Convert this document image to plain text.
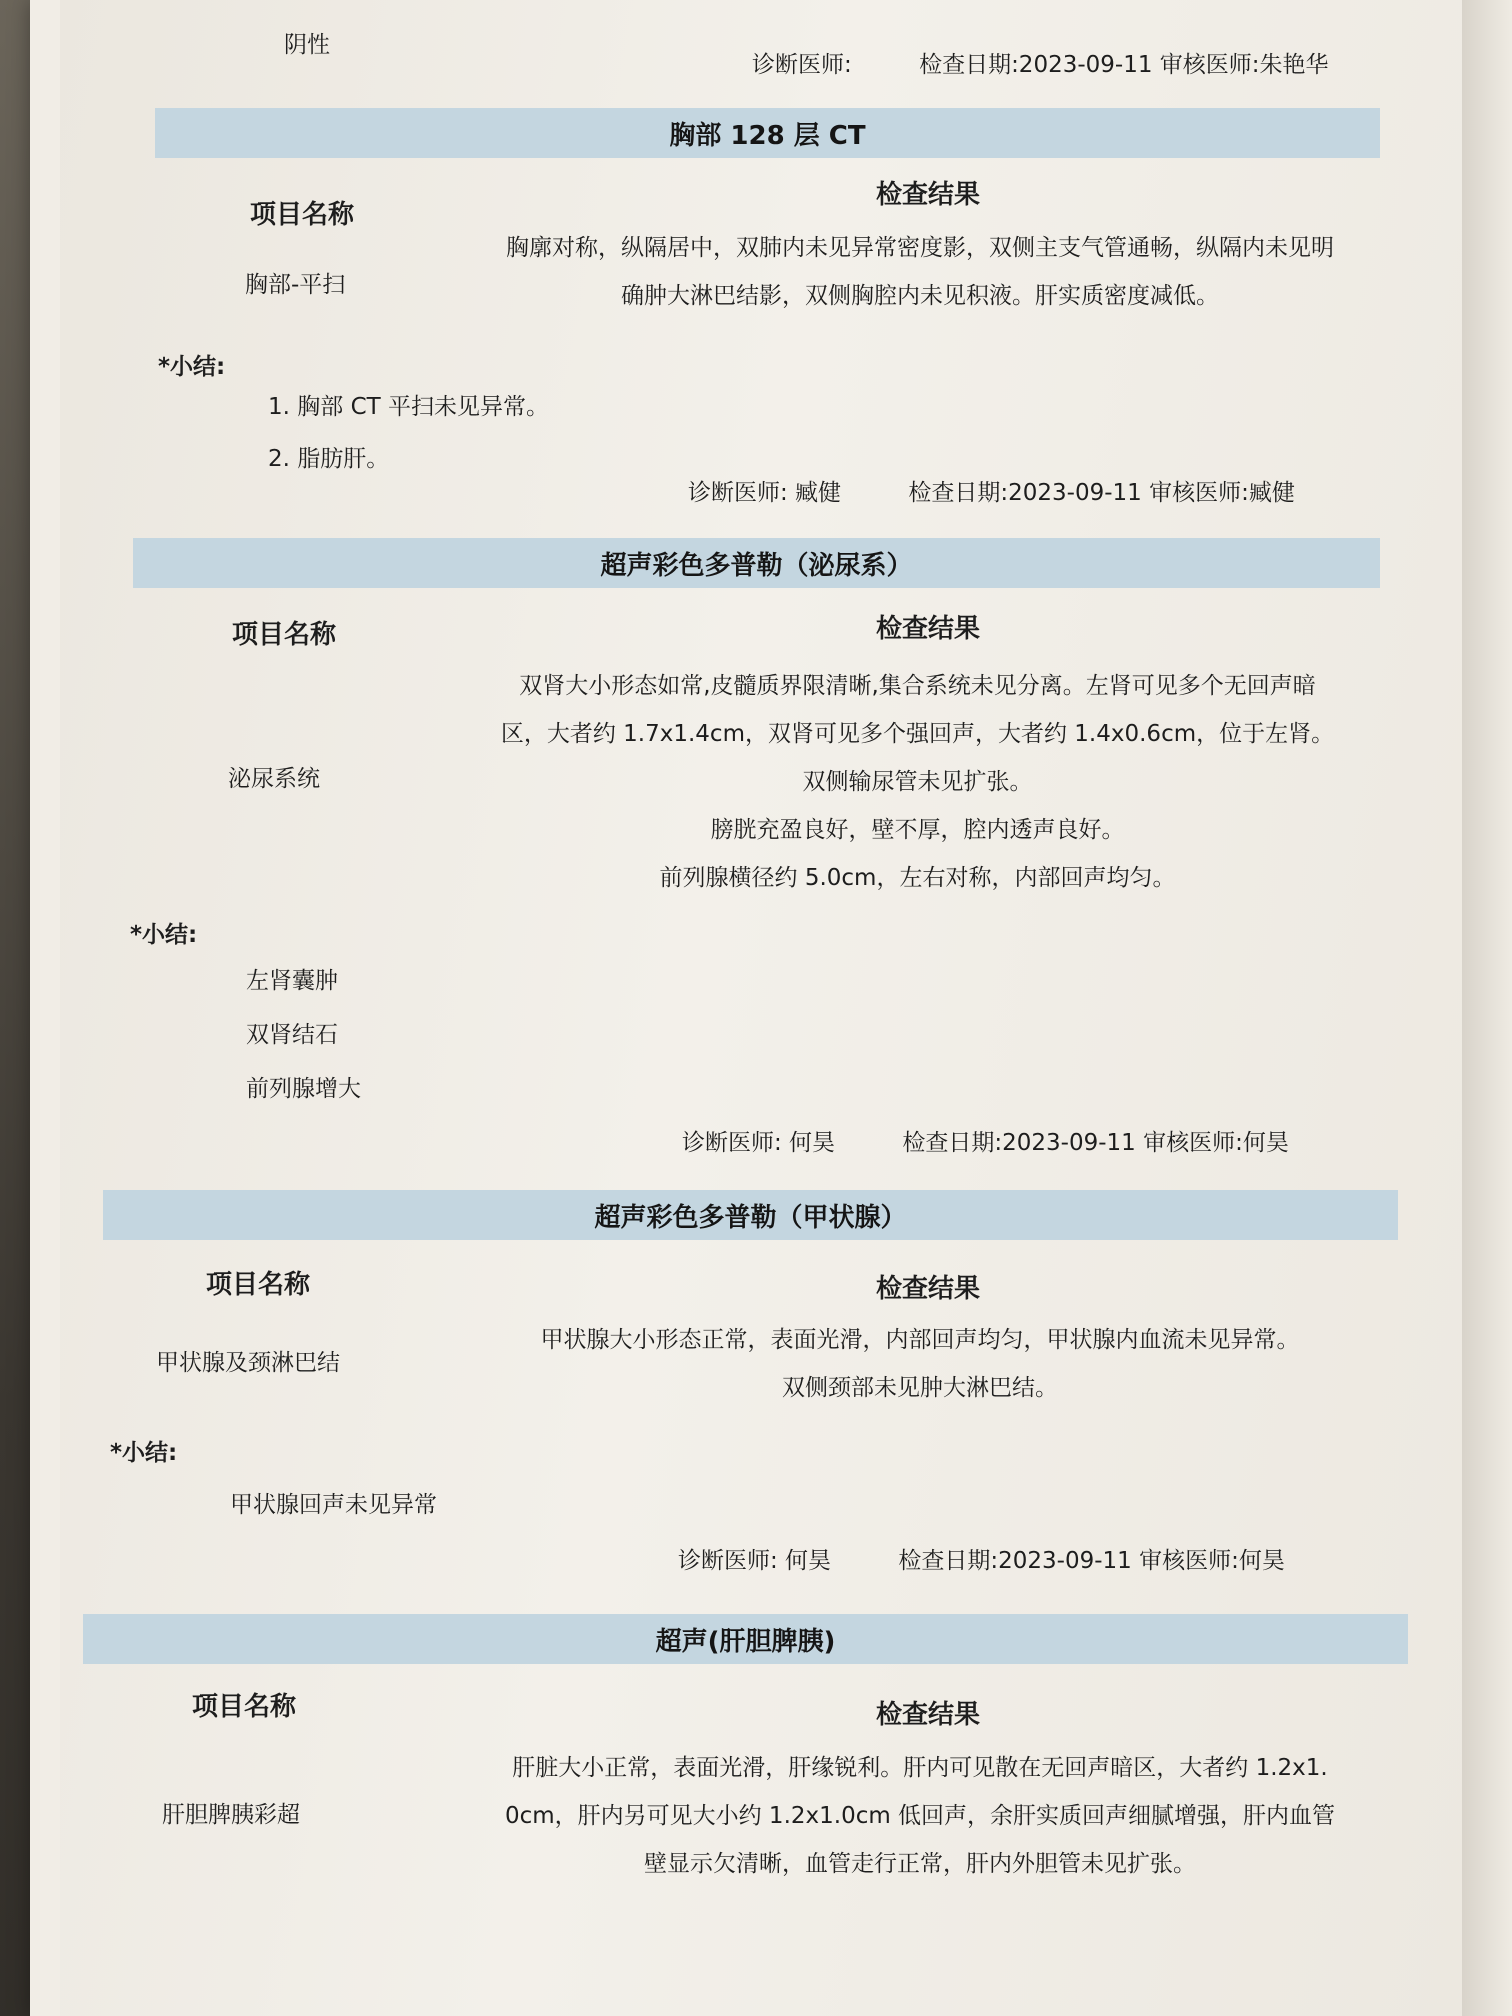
阴性
诊断医师:	检查日期:2023-09-11 审核医师:朱艳华
胸部 128 层 CT
项目名称
检查结果
胸部-平扫
胸廓对称，纵隔居中，双肺内未见异常密度影，双侧主支气管通畅，纵隔内未见明
确肿大淋巴结影，双侧胸腔内未见积液。肝实质密度减低。
*小结:
1. 胸部 CT 平扫未见异常。
2. 脂肪肝。
诊断医师: 臧健	检查日期:2023-09-11 审核医师:臧健
超声彩色多普勒（泌尿系）
项目名称	检查结果
泌尿系统
双肾大小形态如常,皮髓质界限清晰,集合系统未见分离。左肾可见多个无回声暗
区，大者约 1.7x1.4cm，双肾可见多个强回声，大者约 1.4x0.6cm，位于左肾。
双侧输尿管未见扩张。
膀胱充盈良好，壁不厚，腔内透声良好。
前列腺横径约 5.0cm，左右对称，内部回声均匀。
*小结:
左肾囊肿
双肾结石
前列腺增大
诊断医师: 何昊	检查日期:2023-09-11 审核医师:何昊
超声彩色多普勒（甲状腺）
项目名称	检查结果
甲状腺及颈淋巴结
甲状腺大小形态正常，表面光滑，内部回声均匀，甲状腺内血流未见异常。
双侧颈部未见肿大淋巴结。
*小结:
甲状腺回声未见异常
诊断医师: 何昊	检查日期:2023-09-11 审核医师:何昊
超声(肝胆脾胰)
项目名称	检查结果
肝胆脾胰彩超
肝脏大小正常，表面光滑，肝缘锐利。肝内可见散在无回声暗区，大者约 1.2x1.
0cm，肝内另可见大小约 1.2x1.0cm 低回声，余肝实质回声细腻增强，肝内血管
壁显示欠清晰，血管走行正常，肝内外胆管未见扩张。
